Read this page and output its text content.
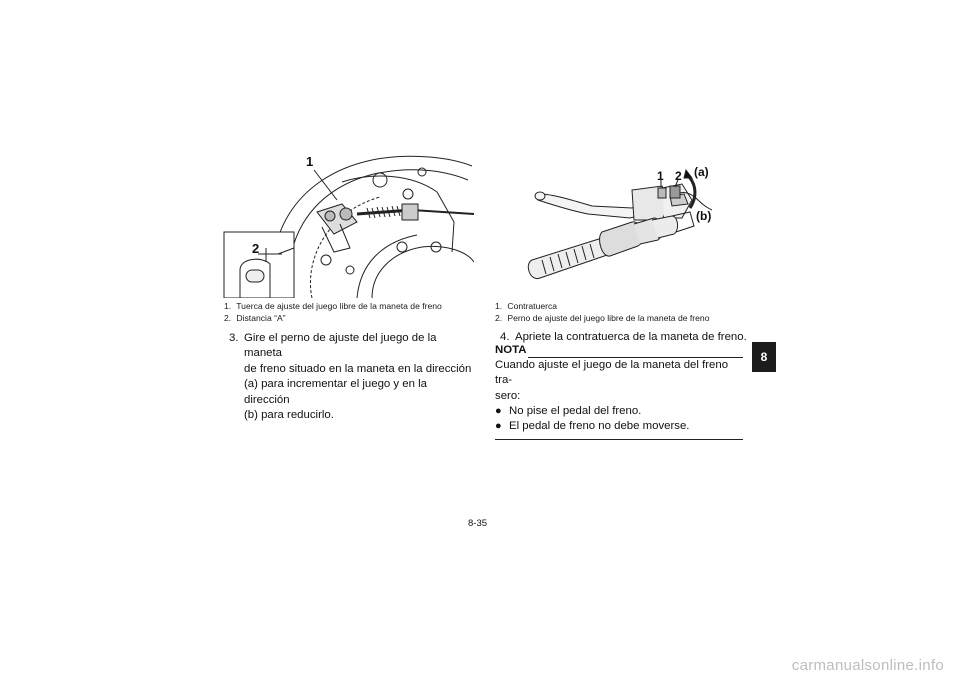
1
2
1. Tuerca de ajuste del juego libre de la maneta de freno
2. Distancia “A”
3. Gire el perno de ajuste del juego de la maneta
de freno situado en la maneta en la dirección
(a) para incrementar el juego y en la dirección
(b) para reducirlo.
1 2 (a)
(b)
1. Contratuerca
2. Perno de ajuste del juego libre de la maneta de freno
4. Apriete la contratuerca de la maneta de freno.
NOTA
Cuando ajuste el juego de la maneta del freno tra-
sero:
● No pise el pedal del freno.
● El pedal de freno no debe moverse.
8
8-35
carmanualsonline.info
